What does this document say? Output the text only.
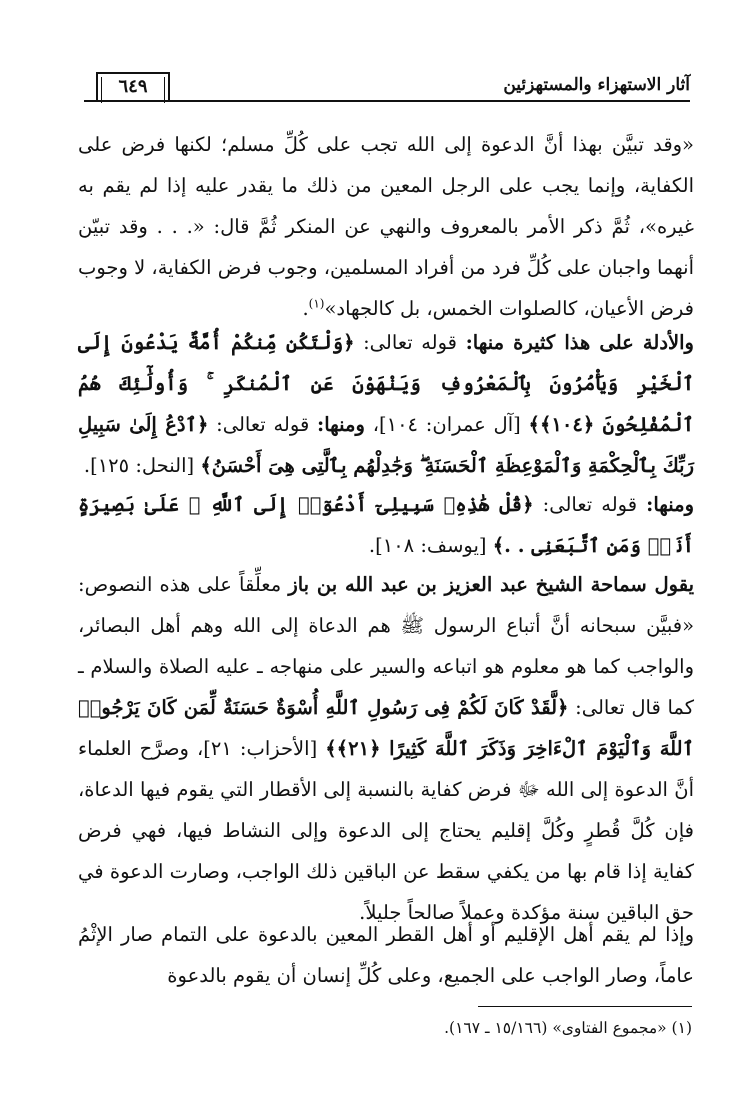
٦٤٩	آثار الاستهزاء والمستهزئين

«وقد تبيَّن بهذا أنَّ الدعوة إلى الله تجب على كُلِّ مسلم؛ لكنها فرض على الكفاية، وإنما يجب على الرجل المعين من ذلك ما يقدر عليه إذا لم يقم به غيره»، ثُمَّ ذكر الأمر بالمعروف والنهي عن المنكر ثُمَّ قال: «. . . وقد تبيّن أنهما واجبان على كُلِّ فرد من أفراد المسلمين، وجوب فرض الكفاية، لا وجوب فرض الأعيان، كالصلوات الخمس، بل كالجهاد»$^{(١)}$.

والأدلة على هذا كثيرة منها: قوله تعالى: ﴿وَلْتَكُن مِّنكُمْ أُمَّةٌ يَدْعُونَ إِلَى ٱلْخَيْرِ وَيَأْمُرُونَ بِٱلْمَعْرُوفِ وَيَنْهَوْنَ عَنِ ٱلْمُنكَرِ ۚ وَأُولَٰٓئِكَ هُمُ ٱلْمُفْلِحُونَ ﴿١٠٤﴾﴾ [آل عمران: ١٠٤]، ومنها: قوله تعالى: ﴿ٱدْعُ إِلَىٰ سَبِيلِ رَبِّكَ بِٱلْحِكْمَةِ وَٱلْمَوْعِظَةِ ٱلْحَسَنَةِ ۖ وَجَٰدِلْهُم بِٱلَّتِى هِىَ أَحْسَنُ﴾ [النحل: ١٢٥].

ومنها: قوله تعالى: ﴿قُلْ هَٰذِهِۦ سَبِيلِىٓ أَدْعُوٓا۟ إِلَى ٱللَّهِ ۚ عَلَىٰ بَصِيرَةٍ أَنَا۠ وَمَنِ ٱتَّبَعَنِى . .﴾ [يوسف: ١٠٨].

يقول سماحة الشيخ عبد العزيز بن عبد الله بن باز معلِّقاً على هذه النصوص: «فبيَّن سبحانه أنَّ أتباع الرسول ﷺ هم الدعاة إلى الله وهم أهل البصائر، والواجب كما هو معلوم هو اتباعه والسير على منهاجه ـ عليه الصلاة والسلام ـ كما قال تعالى: ﴿لَّقَدْ كَانَ لَكُمْ فِى رَسُولِ ٱللَّهِ أُسْوَةٌ حَسَنَةٌ لِّمَن كَانَ يَرْجُوا۟ ٱللَّهَ وَٱلْيَوْمَ ٱلْءَاخِرَ وَذَكَرَ ٱللَّهَ كَثِيرًا ﴿٢١﴾﴾ [الأحزاب: ٢١]، وصرَّح العلماء أنَّ الدعوة إلى الله ﷻ فرض كفاية بالنسبة إلى الأقطار التي يقوم فيها الدعاة، فإن كُلَّ قُطرٍ وكُلَّ إقليم يحتاج إلى الدعوة وإلى النشاط فيها، فهي فرض كفاية إذا قام بها من يكفي سقط عن الباقين ذلك الواجب، وصارت الدعوة في حق الباقين سنة مؤكدة وعملاً صالحاً جليلاً.

وإذا لم يقم أهل الإقليم أو أهل القطر المعين بالدعوة على التمام صار الإثْمُ عاماً، وصار الواجب على الجميع، وعلى كُلِّ إنسان أن يقوم بالدعوة

(١) «مجموع الفتاوى» (١٥/١٦٦ ـ ١٦٧).
